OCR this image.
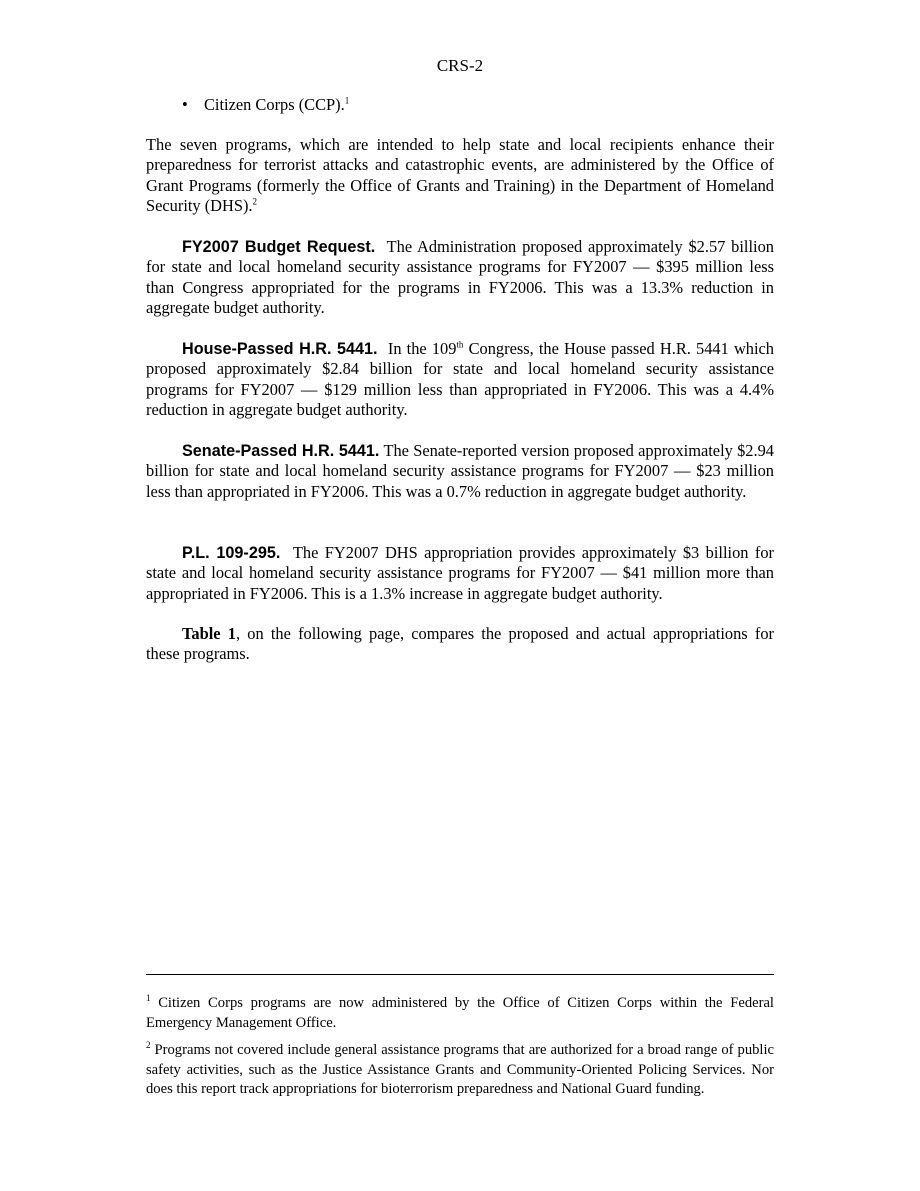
CRS-2
• Citizen Corps (CCP).$^1$

The seven programs, which are intended to help state and local recipients enhance their preparedness for terrorist attacks and catastrophic events, are administered by the Office of Grant Programs (formerly the Office of Grants and Training) in the Department of Homeland Security (DHS).$^2$

FY2007 Budget Request. The Administration proposed approximately $2.57 billion for state and local homeland security assistance programs for FY2007 — $395 million less than Congress appropriated for the programs in FY2006. This was a 13.3% reduction in aggregate budget authority.

House-Passed H.R. 5441. In the 109th Congress, the House passed H.R. 5441 which proposed approximately $2.84 billion for state and local homeland security assistance programs for FY2007 — $129 million less than appropriated in FY2006. This was a 4.4% reduction in aggregate budget authority.

Senate-Passed H.R. 5441. The Senate-reported version proposed approximately $2.94 billion for state and local homeland security assistance programs for FY2007 — $23 million less than appropriated in FY2006. This was a 0.7% reduction in aggregate budget authority.

P.L. 109-295. The FY2007 DHS appropriation provides approximately $3 billion for state and local homeland security assistance programs for FY2007 — $41 million more than appropriated in FY2006. This is a 1.3% increase in aggregate budget authority.

Table 1, on the following page, compares the proposed and actual appropriations for these programs.

$^1$ Citizen Corps programs are now administered by the Office of Citizen Corps within the Federal Emergency Management Office.

$^2$ Programs not covered include general assistance programs that are authorized for a broad range of public safety activities, such as the Justice Assistance Grants and Community-Oriented Policing Services. Nor does this report track appropriations for bioterrorism preparedness and National Guard funding.
